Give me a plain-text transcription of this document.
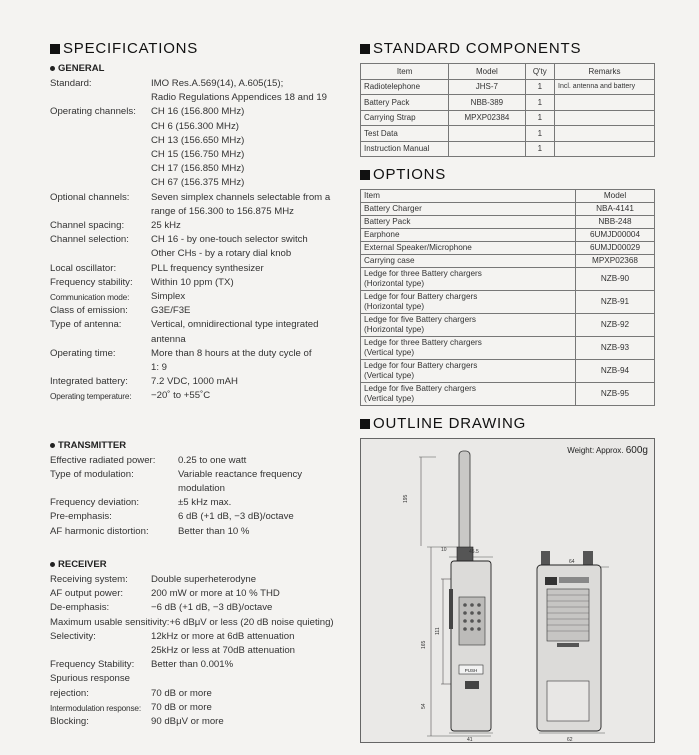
SPECIFICATIONS
GENERAL
Standard:	IMO Res.A.569(14), A.605(15);
Radio Regulations Appendices 18 and 19
Operating channels:	CH 16 (156.800 MHz)
CH 6 (156.300 MHz)
CH 13 (156.650 MHz)
CH 15 (156.750 MHz)
CH 17 (156.850 MHz)
CH 67 (156.375 MHz)
Optional channels:	Seven simplex channels selectable from a
range of 156.300 to 156.875 MHz
Channel spacing:	25 kHz
Channel selection:	CH 16 - by one-touch selector switch
Other CHs - by a rotary dial knob
Local oscillator:	PLL frequency synthesizer
Frequency stability:	Within 10 ppm (TX)
Communication mode:	Simplex
Class of emission:	G3E/F3E
Type of antenna:	Vertical, omnidirectional type integrated
antenna
Operating time:	More than 8 hours at the duty cycle of
1: 9
Integrated battery:	7.2 VDC, 1000 mAH
Operating temperature:	−20˚ to +55˚C
TRANSMITTER
Effective radiated power:	0.25 to one watt
Type of modulation:	Variable reactance frequency modulation
Frequency deviation:	±5 kHz max.
Pre-emphasis:	6 dB (+1 dB, −3 dB)/octave
AF harmonic distortion:	Better than 10 %
RECEIVER
Receiving system:	Double superheterodyne
AF output power:	200 mW or more at 10 % THD
De-emphasis:	−6 dB (+1 dB, −3 dB)/octave
Maximum usable sensitivity: +6 dBμV or less (20 dB noise quieting)
Selectivity:	12kHz or more at 6dB attenuation
25kHz or less at 70dB attenuation
Frequency Stability:	Better than 0.001%
Spurious response

rejection:	70 dB or more
Intermodulation response:	70 dB or more
Blocking:	90 dBμV or more
STANDARD COMPONENTS
Item	Model	Q'ty	Remarks
Radiotelephone	JHS-7	1	Incl. antenna and battery
Battery Pack	NBB-389	1	
Carrying Strap	MPXP02384	1	
Test Data		1	
Instruction Manual		1	
OPTIONS
Item	Model
Battery Charger	NBA-4141
Battery Pack	NBB-248
Earphone	6UMJD00004
External Speaker/Microphone	6UMJD00029
Carrying case	MPXP02368
Ledge for three Battery chargers
(Horizontal type)	NZB-90
Ledge for four Battery chargers
(Horizontal type)	NZB-91
Ledge for five Battery chargers
(Horizontal type)	NZB-92
Ledge for three Battery chargers
(Vertical type)	NZB-93
Ledge for four Battery chargers
(Vertical type)	NZB-94
Ledge for five Battery chargers
(Vertical type)	NZB-95
OUTLINE DRAWING
Weight: Approx. 600g
PUSH
195
10	45.5
64
165
111
54
41	62
